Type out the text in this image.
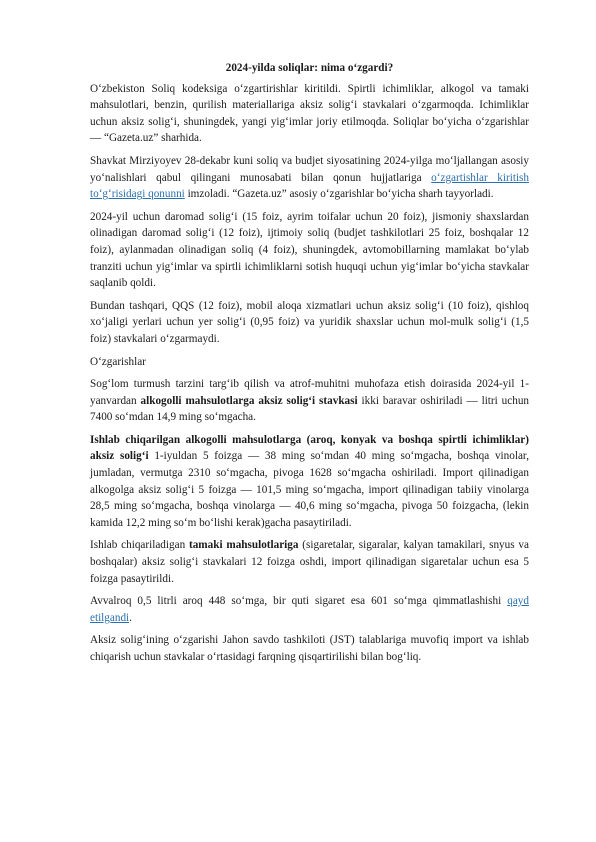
2024-yilda soliqlar: nima o‘zgardi?

O‘zbekiston Soliq kodeksiga o‘zgartirishlar kiritildi. Spirtli ichimliklar, alkogol va tamaki mahsulotlari, benzin, qurilish materiallariga aksiz solig‘i stavkalari o‘zgarmoqda. Ichimliklar uchun aksiz solig‘i, shuningdek, yangi yig‘imlar joriy etilmoqda. Soliqlar bo‘yicha o‘zgarishlar — “Gazeta.uz” sharhida.

Shavkat Mirziyoyev 28-dekabr kuni soliq va budjet siyosatining 2024-yilga mo‘ljallangan asosiy yo‘nalishlari qabul qilingani munosabati bilan qonun hujjatlariga o‘zgartishlar kiritish to‘g‘risidagi qonunni imzoladi. “Gazeta.uz” asosiy o‘zgarishlar bo‘yicha sharh tayyorladi.

2024-yil uchun daromad solig‘i (15 foiz, ayrim toifalar uchun 20 foiz), jismoniy shaxslardan olinadigan daromad solig‘i (12 foiz), ijtimoiy soliq (budjet tashkilotlari 25 foiz, boshqalar 12 foiz), aylanmadan olinadigan soliq (4 foiz), shuningdek, avtomobillarning mamlakat bo‘ylab tranziti uchun yig‘imlar va spirtli ichimliklarni sotish huquqi uchun yig‘imlar bo‘yicha stavkalar saqlanib qoldi.

Bundan tashqari, QQS (12 foiz), mobil aloqa xizmatlari uchun aksiz solig‘i (10 foiz), qishloq xo‘jaligi yerlari uchun yer solig‘i (0,95 foiz) va yuridik shaxslar uchun mol-mulk solig‘i (1,5 foiz) stavkalari o‘zgarmaydi.

O‘zgarishlar

Sog‘lom turmush tarzini targ‘ib qilish va atrof-muhitni muhofaza etish doirasida 2024-yil 1-yanvardan alkogolli mahsulotlarga aksiz solig‘i stavkasi ikki baravar oshiriladi — litri uchun 7400 so‘mdan 14,9 ming so‘mgacha.

Ishlab chiqarilgan alkogolli mahsulotlarga (aroq, konyak va boshqa spirtli ichimliklar) aksiz solig‘i 1-iyuldan 5 foizga — 38 ming so‘mdan 40 ming so‘mgacha, boshqa vinolar, jumladan, vermutga 2310 so‘mgacha, pivoga 1628 so‘mgacha oshiriladi. Import qilinadigan alkogolga aksiz solig‘i 5 foizga — 101,5 ming so‘mgacha, import qilinadigan tabiiy vinolarga 28,5 ming so‘mgacha, boshqa vinolarga — 40,6 ming so‘mgacha, pivoga 50 foizgacha, (lekin kamida 12,2 ming so‘m bo‘lishi kerak)gacha pasaytiriladi.

Ishlab chiqariladigan tamaki mahsulotlariga (sigaretalar, sigaralar, kalyan tamakilari, snyus va boshqalar) aksiz solig‘i stavkalari 12 foizga oshdi, import qilinadigan sigaretalar uchun esa 5 foizga pasaytirildi.

Avvalroq 0,5 litrli aroq 448 so‘mga, bir quti sigaret esa 601 so‘mga qimmatlashishi qayd etilgandi.

Aksiz solig‘ining o‘zgarishi Jahon savdo tashkiloti (JST) talablariga muvofiq import va ishlab chiqarish uchun stavkalar o‘rtasidagi farqning qisqartirilishi bilan bog‘liq.
